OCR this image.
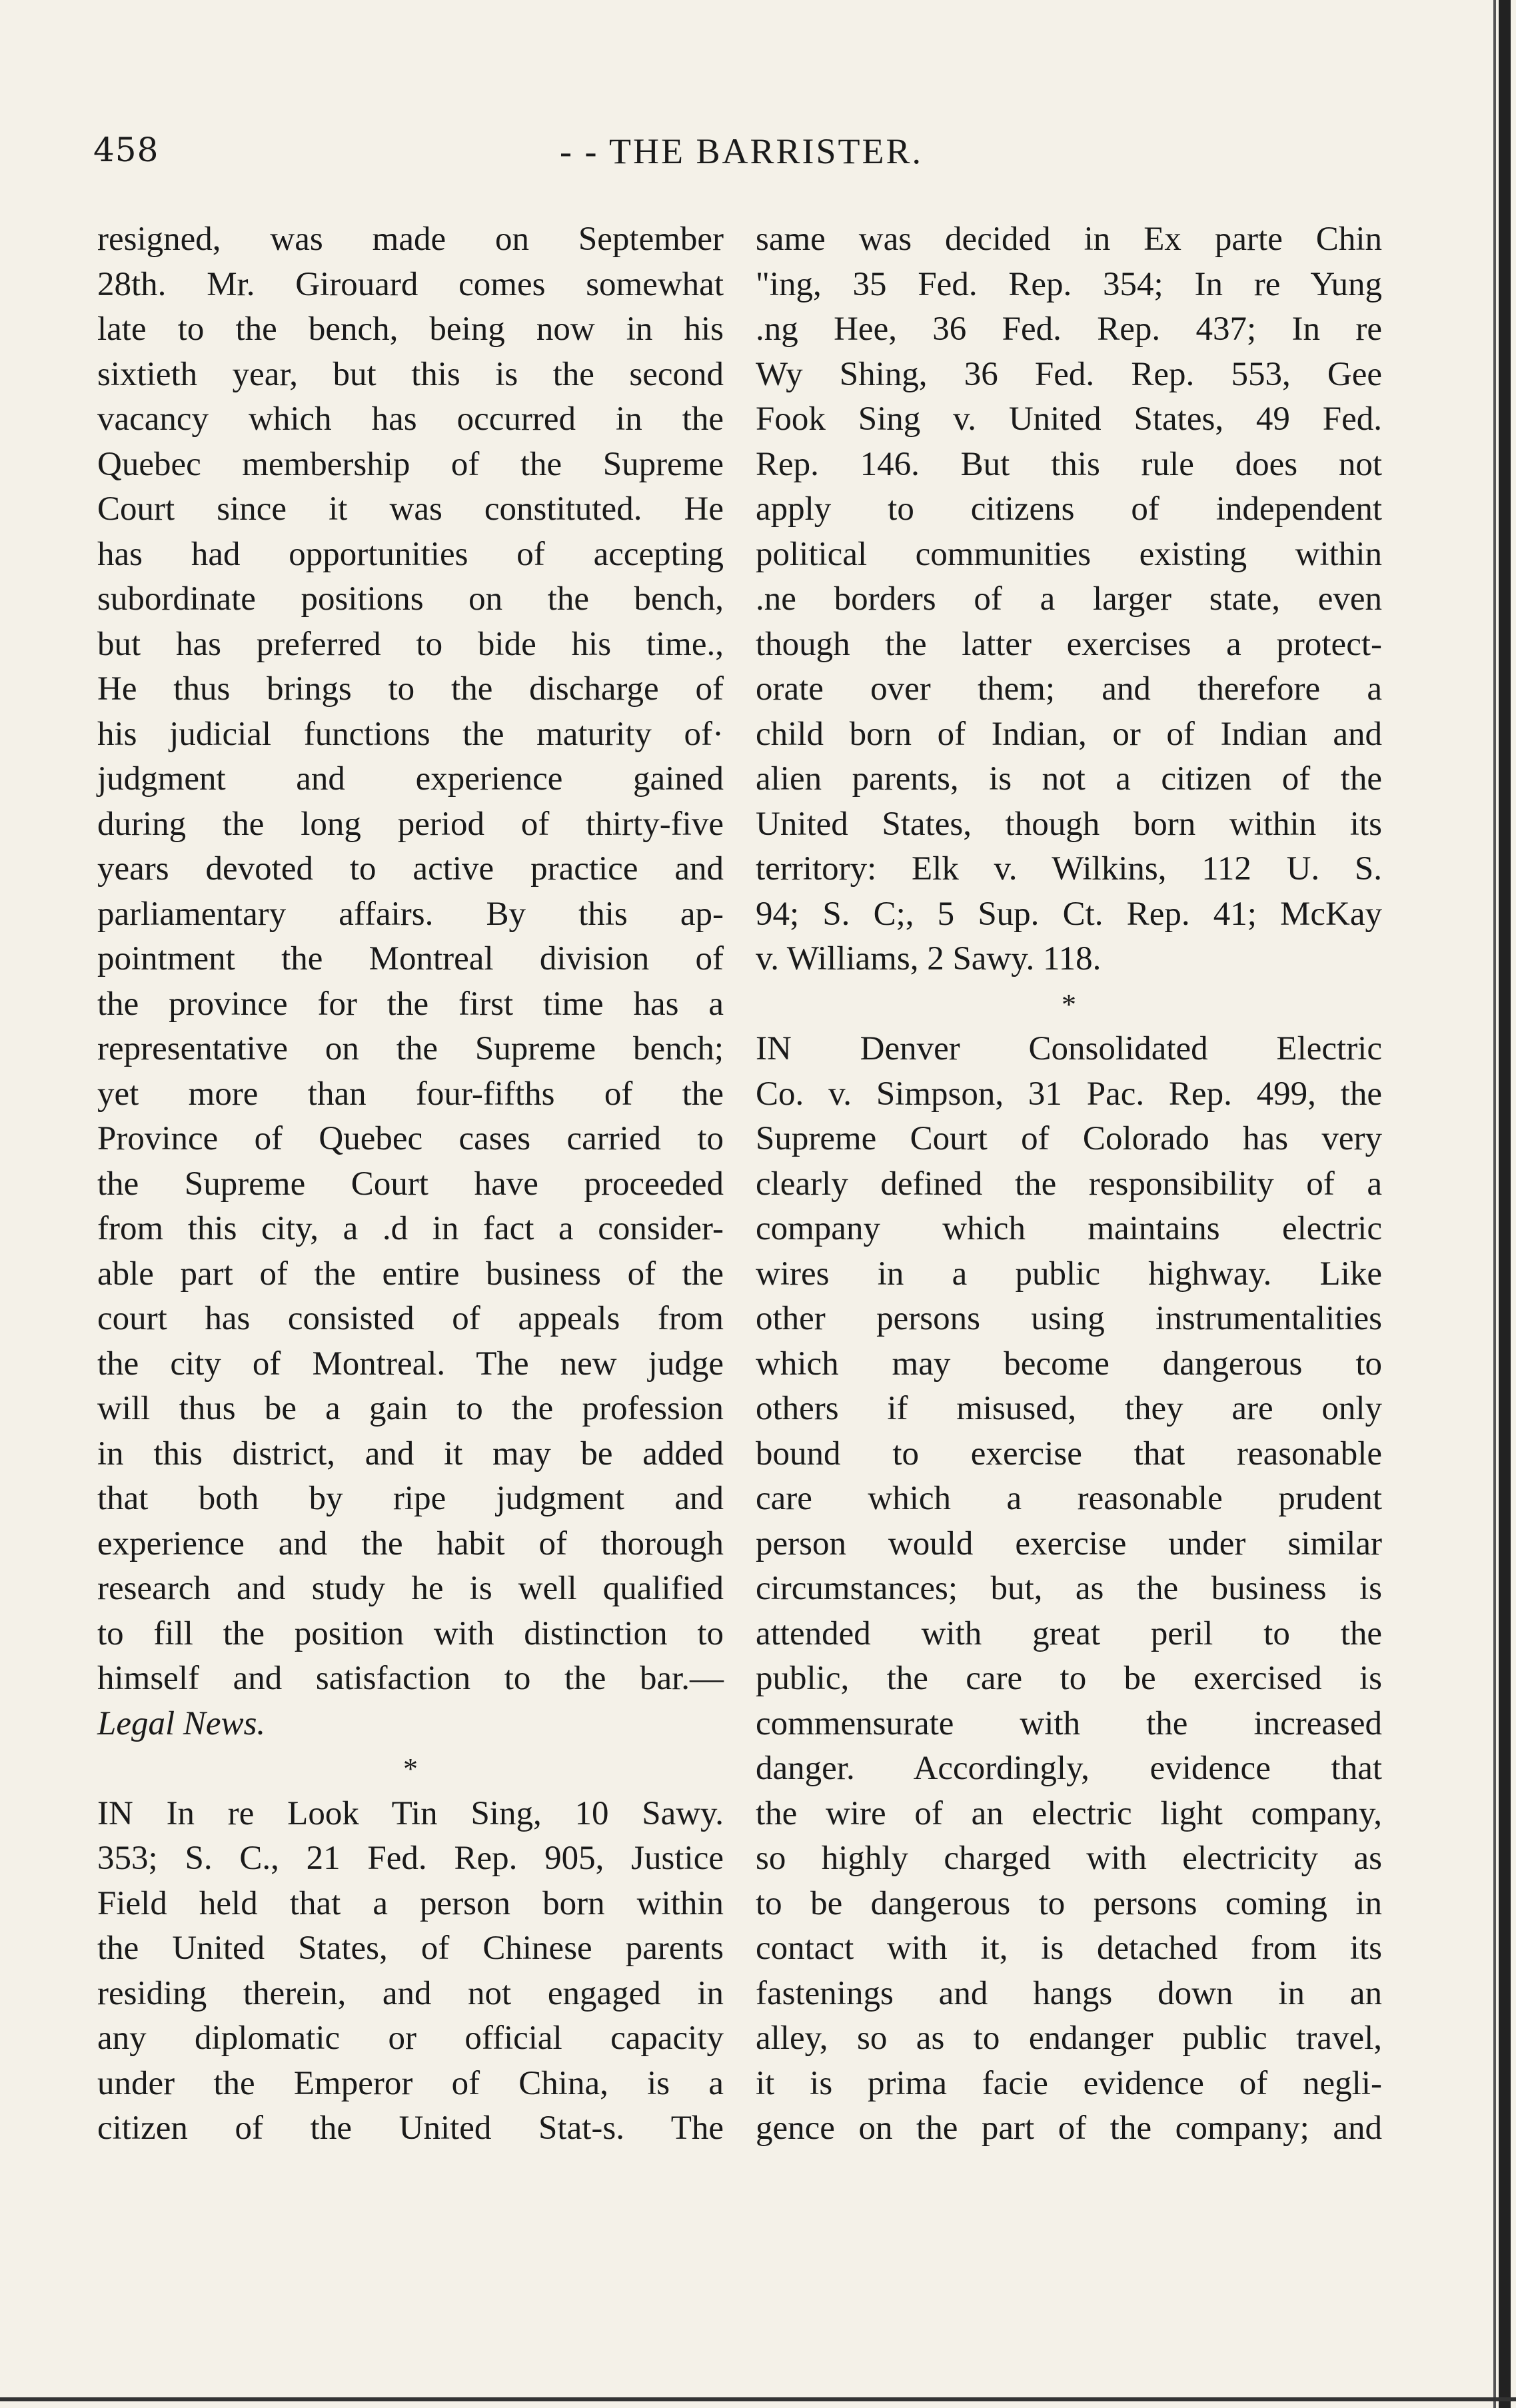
458	- - THE BARRISTER.
resigned, was made on September
28th. Mr. Girouard comes somewhat
late to the bench, being now in his
sixtieth year, but this is the second
vacancy which has occurred in the
Quebec membership of the Supreme
Court since it was constituted. He
has had opportunities of accepting
subordinate positions on the bench,
but has preferred to bide his time.,
He thus brings to the discharge of
his judicial functions the maturity of·
judgment and experience gained
during the long period of thirty-five
years devoted to active practice and
parliamentary affairs. By this ap-
pointment the Montreal division of
the province for the first time has a
representative on the Supreme bench;
yet more than four-fifths of the
Province of Quebec cases carried to
the Supreme Court have proceeded
from this city, a .d in fact a consider-
able part of the entire business of the
court has consisted of appeals from
the city of Montreal. The new judge
will thus be a gain to the profession
in this district, and it may be added
that both by ripe judgment and
experience and the habit of thorough
research and study he is well qualified
to fill the position with distinction to
himself and satisfaction to the bar.—
Legal News.
*
IN In re Look Tin Sing, 10 Sawy.
353; S. C., 21 Fed. Rep. 905, Justice
Field held that a person born within
the United States, of Chinese parents
residing therein, and not engaged in
any diplomatic or official capacity
under the Emperor of China, is a
citizen of the United Stat-s. The
same was decided in Ex parte Chin
"ing, 35 Fed. Rep. 354; In re Yung
.ng Hee, 36 Fed. Rep. 437; In re
Wy Shing, 36 Fed. Rep. 553, Gee
Fook Sing v. United States, 49 Fed.
Rep. 146. But this rule does not
apply to citizens of independent
political communities existing within
.ne borders of a larger state, even
though the latter exercises a protect-
orate over them; and therefore a
child born of Indian, or of Indian and
alien parents, is not a citizen of the
United States, though born within its
territory: Elk v. Wilkins, 112 U. S.
94; S. C;, 5 Sup. Ct. Rep. 41; McKay
v. Williams, 2 Sawy. 118.
*
IN Denver Consolidated Electric
Co. v. Simpson, 31 Pac. Rep. 499, the
Supreme Court of Colorado has very
clearly defined the responsibility of a
company which maintains electric
wires in a public highway. Like
other persons using instrumentalities
which may become dangerous to
others if misused, they are only
bound to exercise that reasonable
care which a reasonable prudent
person would exercise under similar
circumstances; but, as the business is
attended with great peril to the
public, the care to be exercised is
commensurate with the increased
danger. Accordingly, evidence that
the wire of an electric light company,
so highly charged with electricity as
to be dangerous to persons coming in
contact with it, is detached from its
fastenings and hangs down in an
alley, so as to endanger public travel,
it is prima facie evidence of negli-
gence on the part of the company; and
